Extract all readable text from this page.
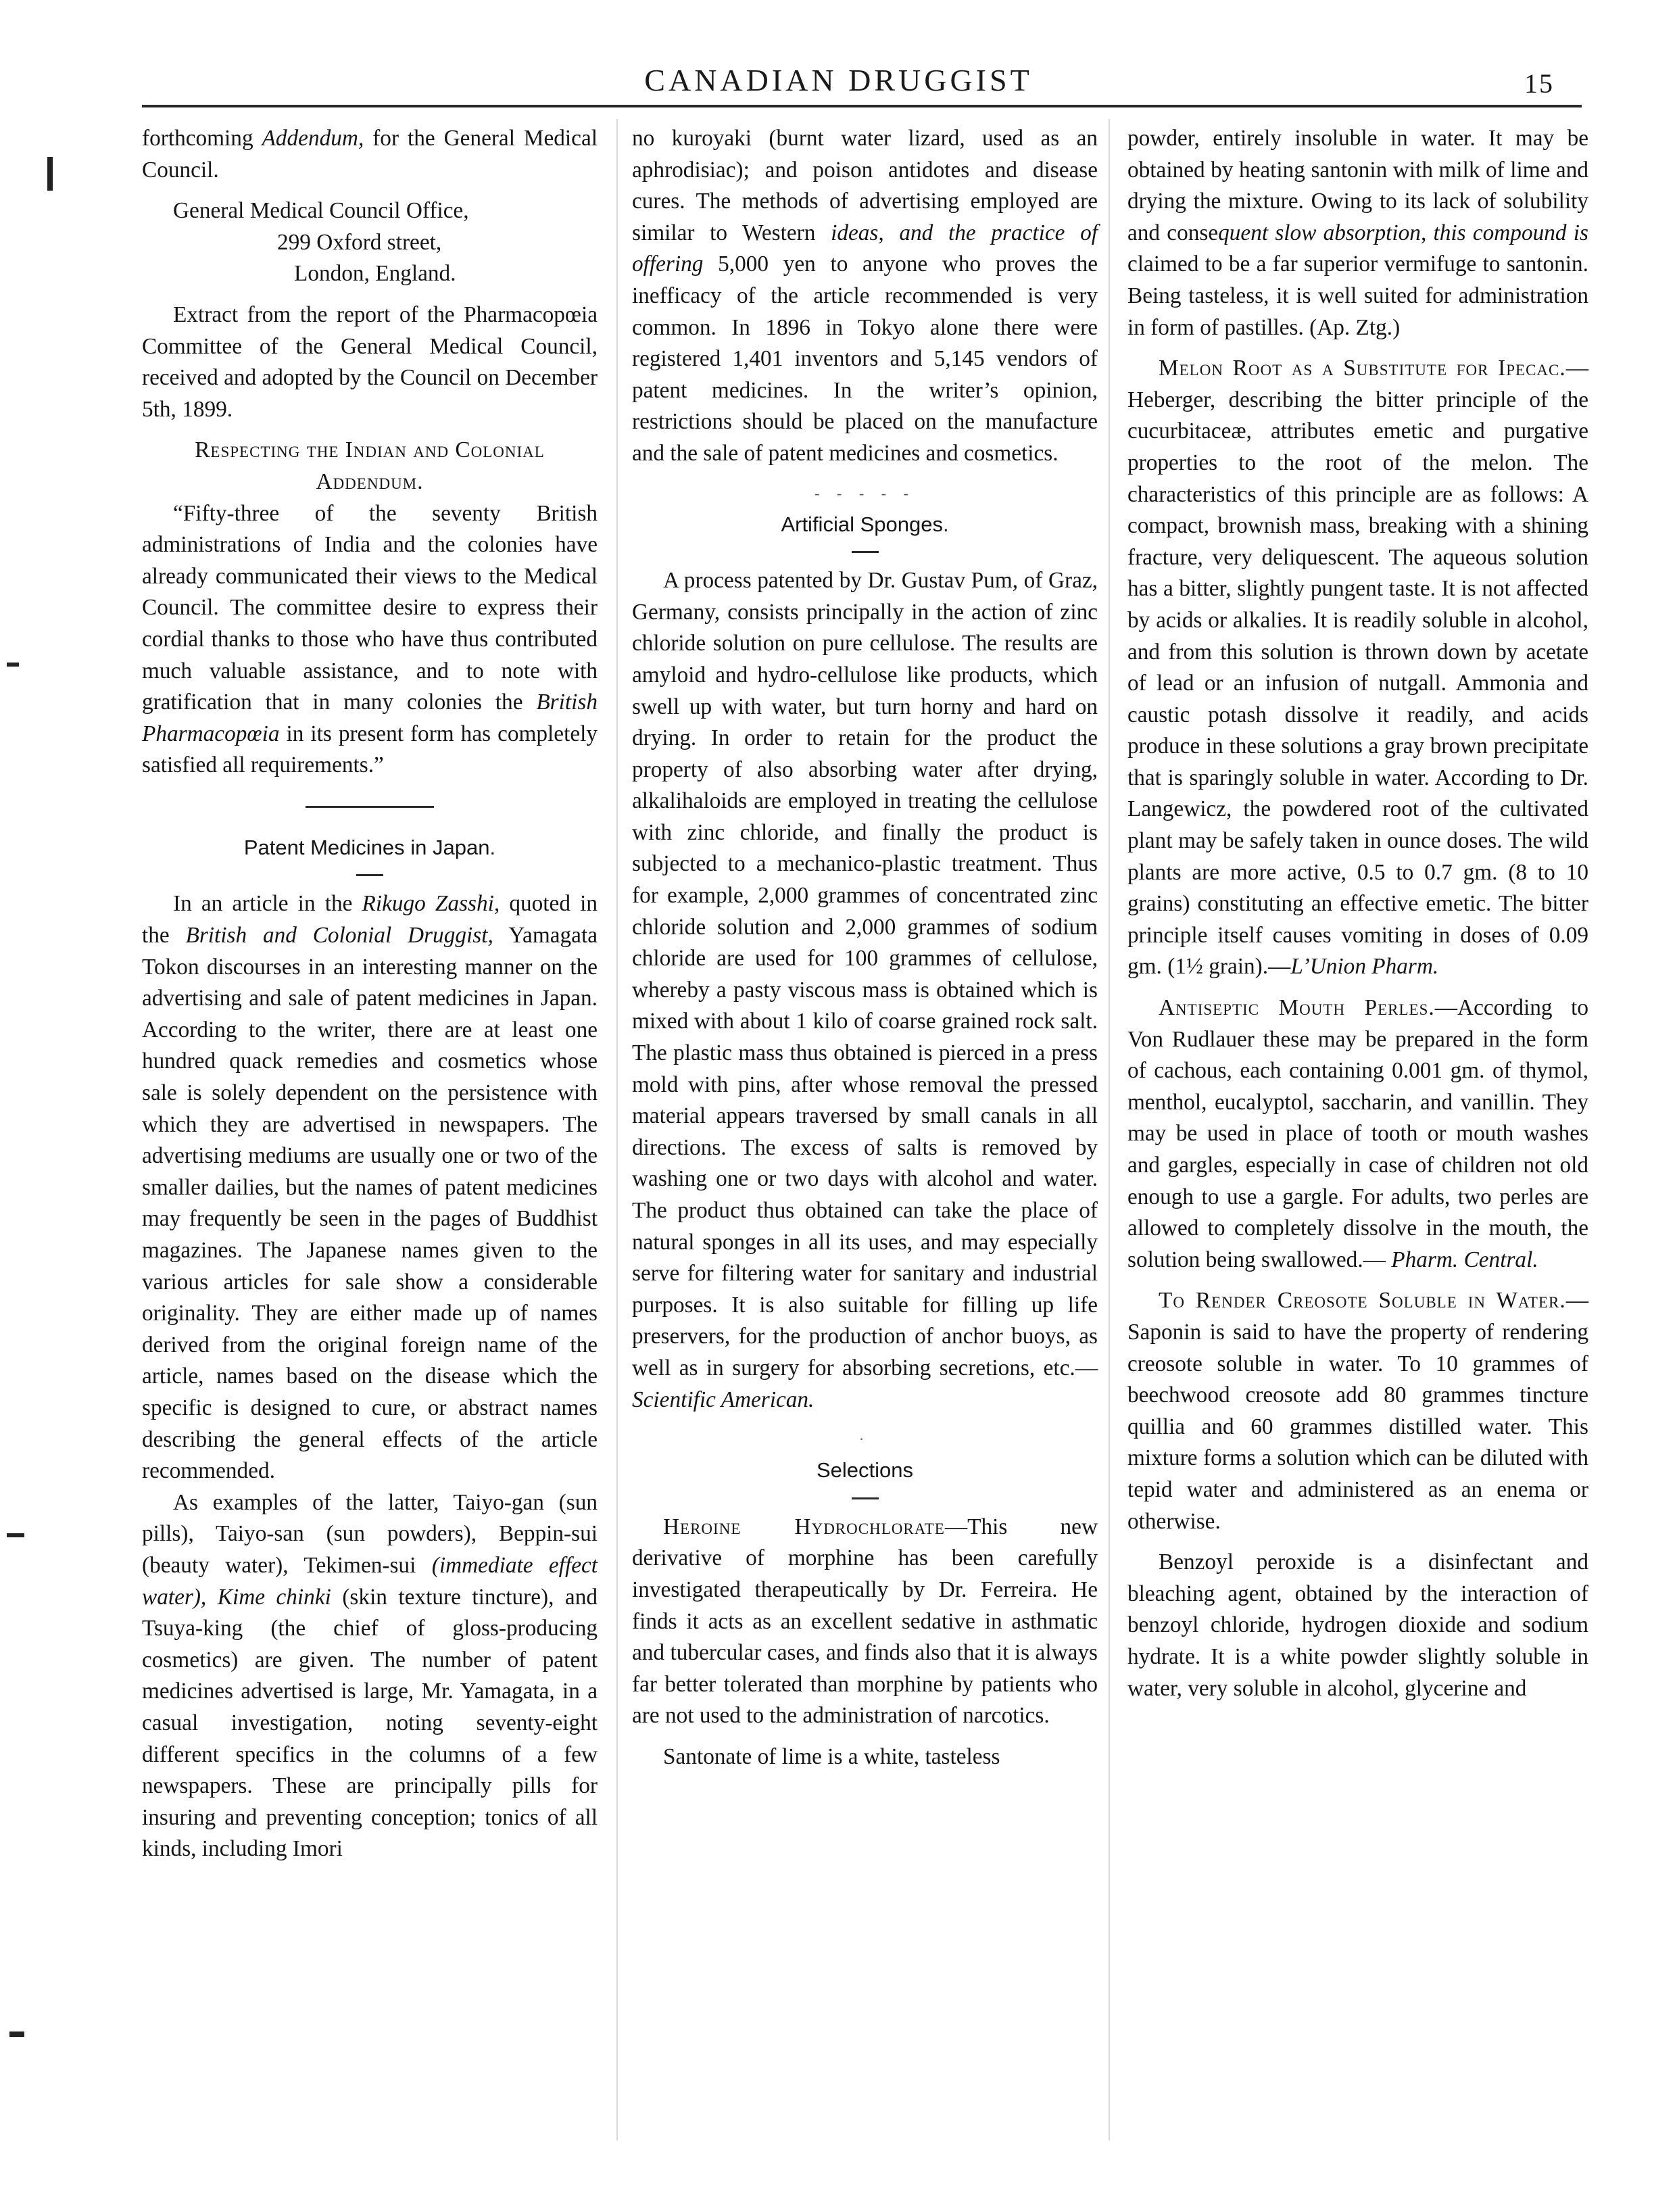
CANADIAN DRUGGIST	15

forthcoming Addendum, for the General Medical Council.

General Medical Council Office,

299 Oxford street,

London, England.

Extract from the report of the Pharmacopœia Committee of the General Medical Council, received and adopted by the Council on December 5th, 1899.

Respecting the Indian and Colonial Addendum.

“Fifty-three of the seventy British administrations of India and the colonies have already communicated their views to the Medical Council. The committee desire to express their cordial thanks to those who have thus contributed much valuable assistance, and to note with gratification that in many colonies the British Pharmacopœia in its present form has completely satisfied all requirements.”

Patent Medicines in Japan.

In an article in the Rikugo Zasshi, quoted in the British and Colonial Druggist, Yamagata Tokon discourses in an interesting manner on the advertising and sale of patent medicines in Japan. According to the writer, there are at least one hundred quack remedies and cosmetics whose sale is solely dependent on the persistence with which they are advertised in newspapers. The advertising mediums are usually one or two of the smaller dailies, but the names of patent medicines may frequently be seen in the pages of Buddhist magazines. The Japanese names given to the various articles for sale show a considerable originality. They are either made up of names derived from the original foreign name of the article, names based on the disease which the specific is designed to cure, or abstract names describing the general effects of the article recommended.

As examples of the latter, Taiyo-gan (sun pills), Taiyo-san (sun powders), Beppin-sui (beauty water), Tekimen-sui (immediate effect water), Kime chinki (skin texture tincture), and Tsuya-king (the chief of gloss-producing cosmetics) are given. The number of patent medicines advertised is large, Mr. Yamagata, in a casual investigation, noting seventy-eight different specifics in the columns of a few newspapers. These are principally pills for insuring and preventing conception; tonics of all kinds, including Imori

no kuroyaki (burnt water lizard, used as an aphrodisiac); and poison antidotes and disease cures. The methods of advertising employed are similar to Western ideas, and the practice of offering 5,000 yen to anyone who proves the inefficacy of the article recommended is very common. In 1896 in Tokyo alone there were registered 1,401 inventors and 5,145 vendors of patent medicines. In the writer’s opinion, restrictions should be placed on the manufacture and the sale of patent medicines and cosmetics.

- - - - -

Artificial Sponges.

A process patented by Dr. Gustav Pum, of Graz, Germany, consists principally in the action of zinc chloride solution on pure cellulose. The results are amyloid and hydro-cellulose like products, which swell up with water, but turn horny and hard on drying. In order to retain for the product the property of also absorbing water after drying, alkalihaloids are employed in treating the cellulose with zinc chloride, and finally the product is subjected to a mechanico-plastic treatment. Thus for example, 2,000 grammes of concentrated zinc chloride solution and 2,000 grammes of sodium chloride are used for 100 grammes of cellulose, whereby a pasty viscous mass is obtained which is mixed with about 1 kilo of coarse grained rock salt. The plastic mass thus obtained is pierced in a press mold with pins, after whose removal the pressed material appears traversed by small canals in all directions. The excess of salts is removed by washing one or two days with alcohol and water. The product thus obtained can take the place of natural sponges in all its uses, and may especially serve for filtering water for sanitary and industrial purposes. It is also suitable for filling up life preservers, for the production of anchor buoys, as well as in surgery for absorbing secretions, etc.—Scientific American.

·

Selections

Heroine Hydrochlorate—This new derivative of morphine has been carefully investigated therapeutically by Dr. Ferreira. He finds it acts as an excellent sedative in asthmatic and tubercular cases, and finds also that it is always far better tolerated than morphine by patients who are not used to the administration of narcotics.

Santonate of lime is a white, tasteless

powder, entirely insoluble in water. It may be obtained by heating santonin with milk of lime and drying the mixture. Owing to its lack of solubility and consequent slow absorption, this compound is claimed to be a far superior vermifuge to santonin. Being tasteless, it is well suited for administration in form of pastilles. (Ap. Ztg.)

Melon Root as a Substitute for Ipecac.—Heberger, describing the bitter principle of the cucurbitaceæ, attributes emetic and purgative properties to the root of the melon. The characteristics of this principle are as follows: A compact, brownish mass, breaking with a shining fracture, very deliquescent. The aqueous solution has a bitter, slightly pungent taste. It is not affected by acids or alkalies. It is readily soluble in alcohol, and from this solution is thrown down by acetate of lead or an infusion of nutgall. Ammonia and caustic potash dissolve it readily, and acids produce in these solutions a gray brown precipitate that is sparingly soluble in water. According to Dr. Langewicz, the powdered root of the cultivated plant may be safely taken in ounce doses. The wild plants are more active, 0.5 to 0.7 gm. (8 to 10 grains) constituting an effective emetic. The bitter principle itself causes vomiting in doses of 0.09 gm. (1½ grain).—L’Union Pharm.

Antiseptic Mouth Perles.—According to Von Rudlauer these may be prepared in the form of cachous, each containing 0.001 gm. of thymol, menthol, eucalyptol, saccharin, and vanillin. They may be used in place of tooth or mouth washes and gargles, especially in case of children not old enough to use a gargle. For adults, two perles are allowed to completely dissolve in the mouth, the solution being swallowed.— Pharm. Central.

To Render Creosote Soluble in Water.—Saponin is said to have the property of rendering creosote soluble in water. To 10 grammes of beechwood creosote add 80 grammes tincture quillia and 60 grammes distilled water. This mixture forms a solution which can be diluted with tepid water and administered as an enema or otherwise.

Benzoyl peroxide is a disinfectant and bleaching agent, obtained by the interaction of benzoyl chloride, hydrogen dioxide and sodium hydrate. It is a white powder slightly soluble in water, very soluble in alcohol, glycerine and
